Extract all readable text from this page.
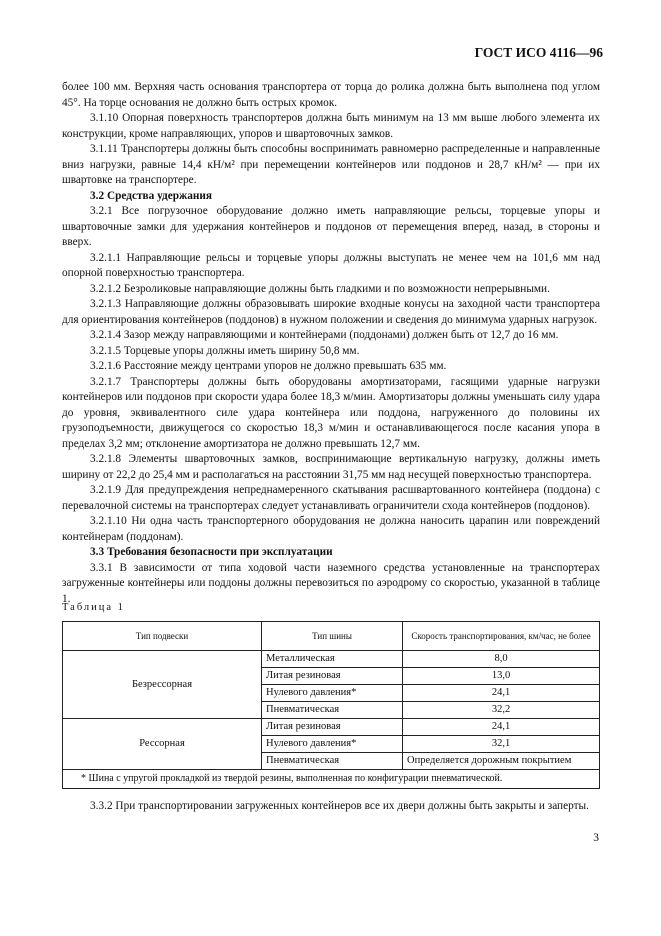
ГОСТ ИСО 4116—96

более 100 мм. Верхняя часть основания транспортера от торца до ролика должна быть выполнена под углом 45°. На торце основания не должно быть острых кромок.

3.1.10 Опорная поверхность транспортеров должна быть минимум на 13 мм выше любого элемента их конструкции, кроме направляющих, упоров и швартовочных замков.

3.1.11 Транспортеры должны быть способны воспринимать равномерно распределенные и направленные вниз нагрузки, равные 14,4 кН/м² при перемещении контейнеров или поддонов и 28,7 кН/м² — при их швартовке на транспортере.

3.2 Средства удержания

3.2.1 Все погрузочное оборудование должно иметь направляющие рельсы, торцевые упоры и швартовочные замки для удержания контейнеров и поддонов от перемещения вперед, назад, в стороны и вверх.

3.2.1.1 Направляющие рельсы и торцевые упоры должны выступать не менее чем на 101,6 мм над опорной поверхностью транспортера.

3.2.1.2 Безроликовые направляющие должны быть гладкими и по возможности непрерывными.

3.2.1.3 Направляющие должны образовывать широкие входные конусы на заходной части транспортера для ориентирования контейнеров (поддонов) в нужном положении и сведения до минимума ударных нагрузок.

3.2.1.4 Зазор между направляющими и контейнерами (поддонами) должен быть от 12,7 до 16 мм.

3.2.1.5 Торцевые упоры должны иметь ширину 50,8 мм.

3.2.1.6 Расстояние между центрами упоров не должно превышать 635 мм.

3.2.1.7 Транспортеры должны быть оборудованы амортизаторами, гасящими ударные нагрузки контейнеров или поддонов при скорости удара более 18,3 м/мин. Амортизаторы должны уменьшать силу удара до уровня, эквивалентного силе удара контейнера или поддона, нагруженного до половины их грузоподъемности, движущегося со скоростью 18,3 м/мин и останавливающегося после касания упора в пределах 3,2 мм; отклонение амортизатора не должно превышать 12,7 мм.

3.2.1.8 Элементы швартовочных замков, воспринимающие вертикальную нагрузку, должны иметь ширину от 22,2 до 25,4 мм и располагаться на расстоянии 31,75 мм над несущей поверхностью транспортера.

3.2.1.9 Для предупреждения непреднамеренного скатывания расшвартованного контейнера (поддона) с перевалочной системы на транспортерах следует устанавливать ограничители схода контейнеров (поддонов).

3.2.1.10 Ни одна часть транспортерного оборудования не должна наносить царапин или повреждений контейнерам (поддонам).

3.3 Требования безопасности при эксплуатации

3.3.1 В зависимости от типа ходовой части наземного средства установленные на транспортерах загруженные контейнеры или поддоны должны перевозиться по аэродрому со скоростью, указанной в таблице 1.

Таблица 1
Тип подвески	Тип шины	Скорость транспортирования, км/час, не более
Безрессорная	Металлическая	8,0
	Литая резиновая	13,0
	Нулевого давления*	24,1
	Пневматическая	32,2
Рессорная	Литая резиновая	24,1
	Нулевого давления*	32,1
	Пневматическая	Определяется дорожным покрытием
* Шина с упругой прокладкой из твердой резины, выполненная по конфигурации пневматической.		

3.3.2 При транспортировании загруженных контейнеров все их двери должны быть закрыты и заперты.

3
